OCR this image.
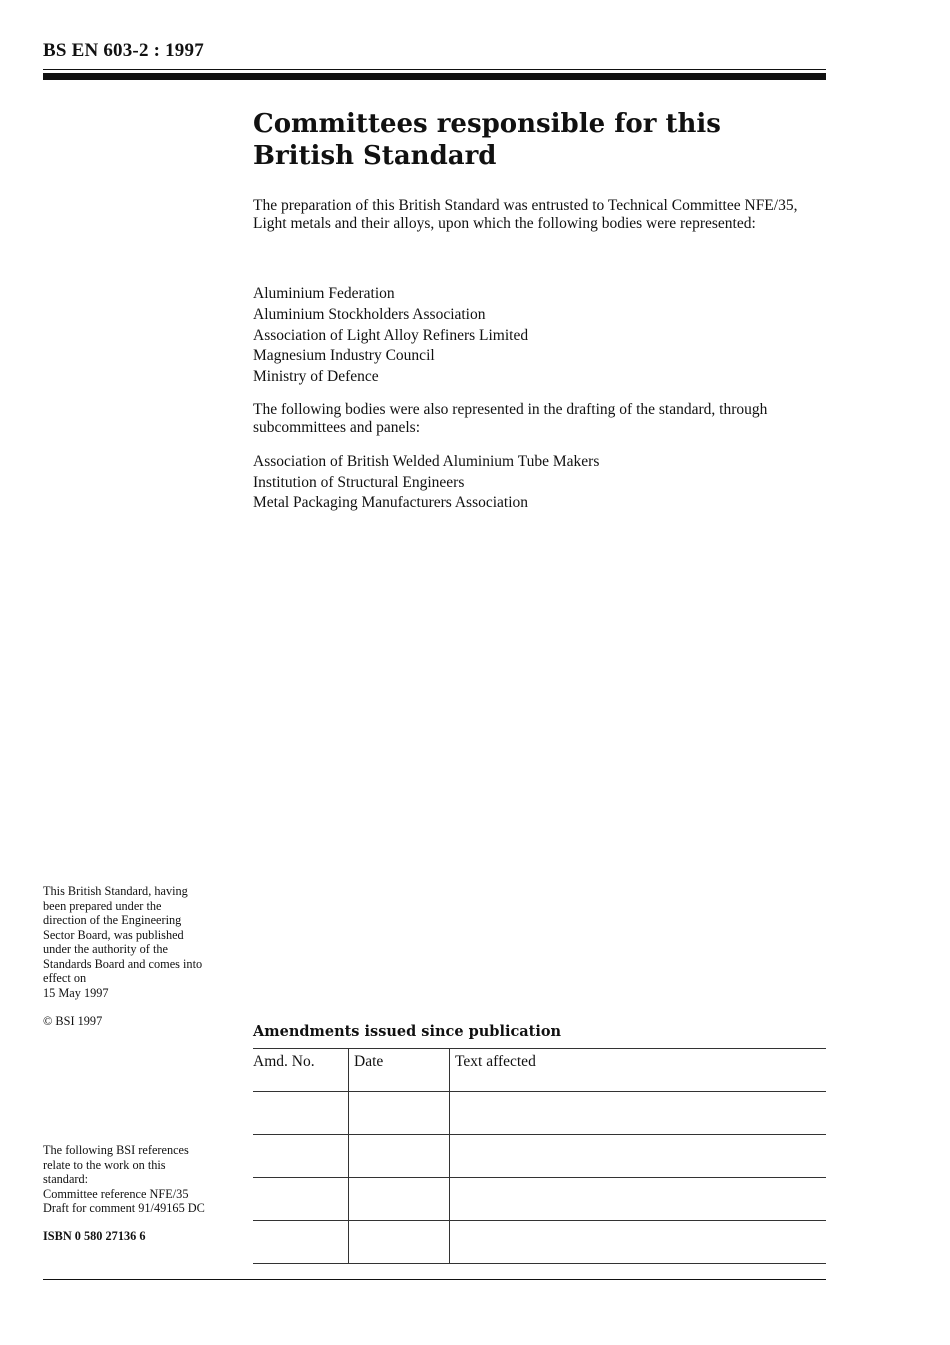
BS EN 603-2 : 1997
Committees responsible for this
British Standard

The preparation of this British Standard was entrusted to Technical Committee NFE/35, Light metals and their alloys, upon which the following bodies were represented:

Aluminium Federation
Aluminium Stockholders Association
Association of Light Alloy Refiners Limited
Magnesium Industry Council
Ministry of Defence

The following bodies were also represented in the drafting of the standard, through subcommittees and panels:

Association of British Welded Aluminium Tube Makers
Institution of Structural Engineers
Metal Packaging Manufacturers Association
This British Standard, having
been prepared under the
direction of the Engineering
Sector Board, was published
under the authority of the
Standards Board and comes into
effect on
15 May 1997
© BSI 1997
The following BSI references
relate to the work on this
standard:
Committee reference NFE/35
Draft for comment 91/49165 DC
ISBN 0 580 27136 6
Amendments issued since publication
Amd. No.	Date	Text affected
